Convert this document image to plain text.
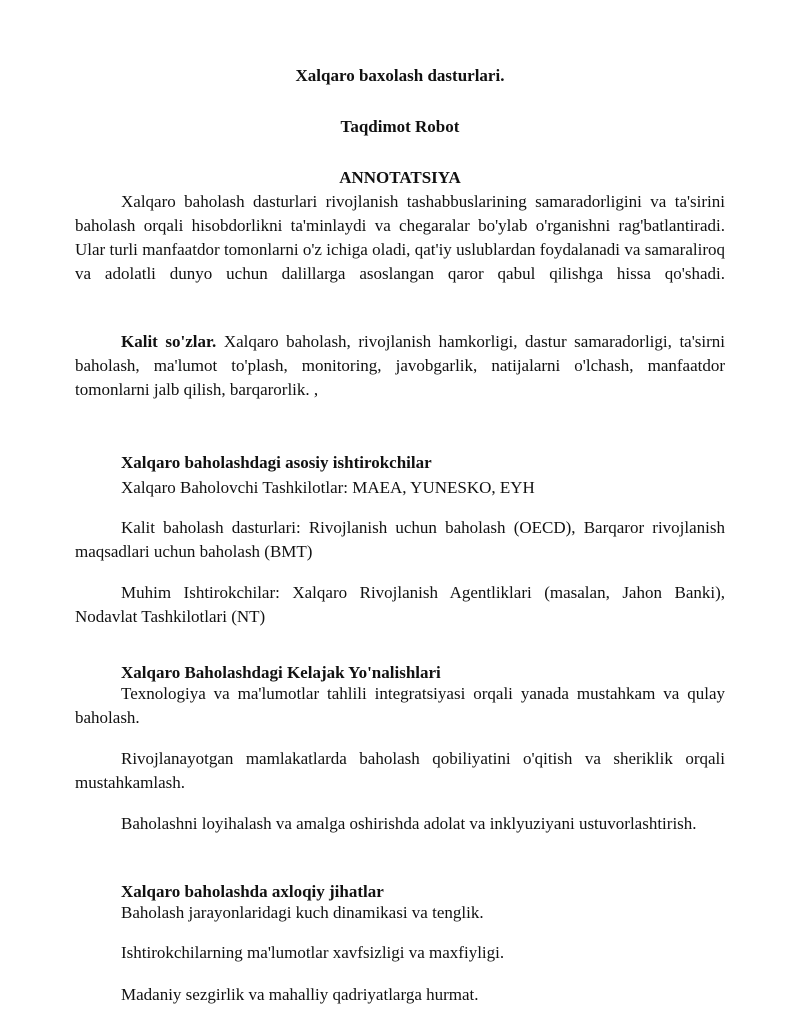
Xalqaro baxolash dasturlari.
Taqdimot Robot
ANNOTATSIYA

Xalqaro baholash dasturlari rivojlanish tashabbuslarining samaradorligini va ta'sirini baholash orqali hisobdorlikni ta'minlaydi va chegaralar bo'ylab o'rganishni rag'batlantiradi. Ular turli manfaatdor tomonlarni o'z ichiga oladi, qat'iy uslublardan foydalanadi va samaraliroq va adolatli dunyo uchun dalillarga asoslangan qaror qabul qilishga hissa qo'shadi.

Kalit so'zlar. Xalqaro baholash, rivojlanish hamkorligi, dastur samaradorligi, ta'sirni baholash, ma'lumot to'plash, monitoring, javobgarlik, natijalarni o'lchash, manfaatdor tomonlarni jalb qilish, barqarorlik. ,

Xalqaro baholashdagi asosiy ishtirokchilar
Xalqaro Baholovchi Tashkilotlar: MAEA, YUNESKO, EYH

Kalit baholash dasturlari: Rivojlanish uchun baholash (OECD), Barqaror rivojlanish maqsadlari uchun baholash (BMT)

Muhim Ishtirokchilar: Xalqaro Rivojlanish Agentliklari (masalan, Jahon Banki), Nodavlat Tashkilotlari (NT)

Xalqaro Baholashdagi Kelajak Yo'nalishlari

Texnologiya va ma'lumotlar tahlili integratsiyasi orqali yanada mustahkam va qulay baholash.

Rivojlanayotgan mamlakatlarda baholash qobiliyatini o'qitish va sheriklik orqali mustahkamlash.

Baholashni loyihalash va amalga oshirishda adolat va inklyuziyani ustuvorlashtirish.

Xalqaro baholashda axloqiy jihatlar
Baholash jarayonlaridagi kuch dinamikasi va tenglik.
Ishtirokchilarning ma'lumotlar xavfsizligi va maxfiyligi.
Madaniy sezgirlik va mahalliy qadriyatlarga hurmat.
